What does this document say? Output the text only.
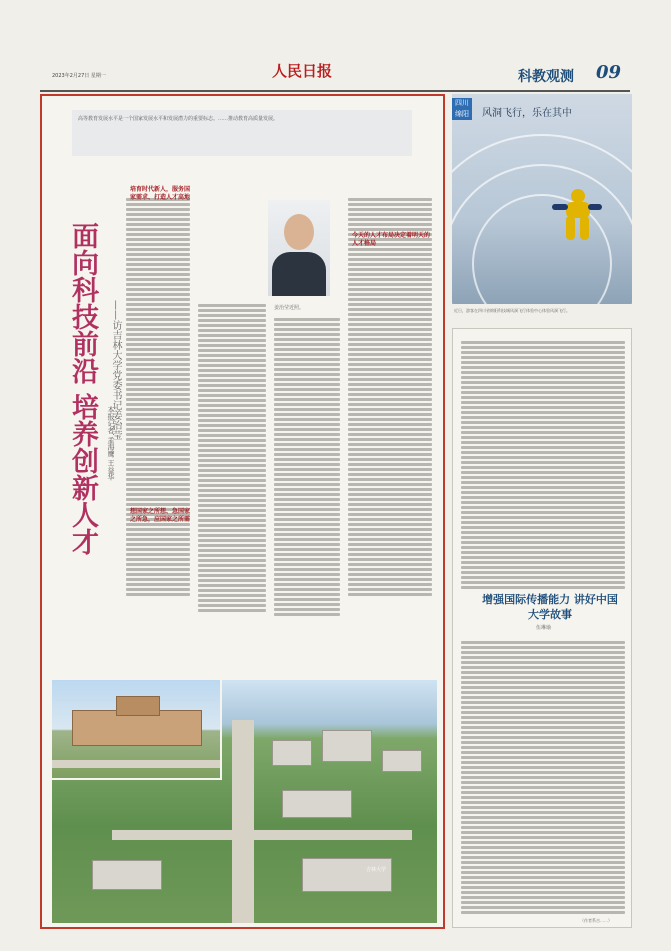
2023年2月27日 星期一	人民日报	科教观测 09
高等教育发展水平是一个国家发展水平和发展潜力的重要标志。……推动教育高质量发展。
培育时代新人，服务国家需求、打造人才高地
今天的人才布局决定着明天的人才格局
想国家之所想、急国家之所急，应国家之所需
面向科技前沿 培养创新人才 ——访吉林大学党委书记姜治莹
本报记者 孟海鹰 王益华
姜治莹近照。
吉林大学
四川绵阳	风洞飞行，乐在其中
近日，游客在四川省绵阳科技城风洞飞行体验中心体验风洞飞行。
增强国际传播能力 讲好中国大学故事
伍琳瑜
（作者系吉……）
